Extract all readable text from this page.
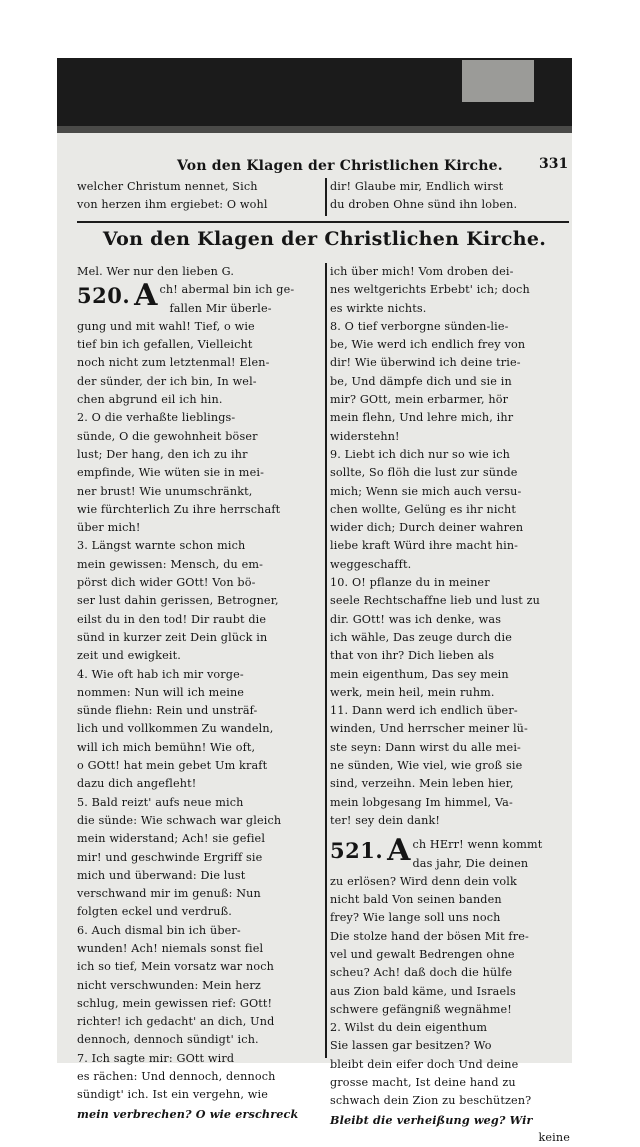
Von den Klagen der Christlichen Kirche.	331
welcher Christum nennet, Sich
von herzen ihm ergiebet: O wohl
dir! Glaube mir, Endlich wirst
du droben Ohne sünd ihn loben.
Von den Klagen der Christlichen Kirche.
Mel. Wer nur den lieben G.
520. A ch! abermal bin ich ge-
fallen Mir überle-
gung und mit wahl! Tief, o wie
tief bin ich gefallen, Vielleicht
noch nicht zum letztenmal! Elen-
der sünder, der ich bin, In wel-
chen abgrund eil ich hin.
2. O die verhaßte lieblings-
sünde, O die gewohnheit böser
lust; Der hang, den ich zu ihr
empfinde, Wie wüten sie in mei-
ner brust! Wie unumschränkt,
wie fürchterlich Zu ihre herrschaft
über mich!
3. Längst warnte schon mich
mein gewissen: Mensch, du em-
pörst dich wider GOtt! Von bö-
ser lust dahin gerissen, Betrogner,
eilst du in den tod! Dir raubt die
sünd in kurzer zeit Dein glück in
zeit und ewigkeit.
4. Wie oft hab ich mir vorge-
nommen: Nun will ich meine
sünde fliehn: Rein und unsträf-
lich und vollkommen Zu wandeln,
will ich mich bemühn! Wie oft,
o GOtt! hat mein gebet Um kraft
dazu dich angefleht!
5. Bald reizt' aufs neue mich
die sünde: Wie schwach war gleich
mein widerstand; Ach! sie gefiel
mir! und geschwinde Ergriff sie
mich und überwand: Die lust
verschwand mir im genuß: Nun
folgten eckel und verdruß.
6. Auch dismal bin ich über-
wunden! Ach! niemals sonst fiel
ich so tief, Mein vorsatz war noch
nicht verschwunden: Mein herz
schlug, mein gewissen rief: GOtt!
richter! ich gedacht' an dich, Und
dennoch, dennoch sündigt' ich.
7. Ich sagte mir: GOtt wird
es rächen: Und dennoch, dennoch
sündigt' ich. Ist ein vergehn, wie
mein verbrechen? O wie erschreck
ich über mich! Vom droben dei-
nes weltgerichts Erbebt' ich; doch
es wirkte nichts.
8. O tief verborgne sünden-lie-
be, Wie werd ich endlich frey von
dir! Wie überwind ich deine trie-
be, Und dämpfe dich und sie in
mir? GOtt, mein erbarmer, hör
mein flehn, Und lehre mich, ihr
widerstehn!
9. Liebt ich dich nur so wie ich
sollte, So flöh die lust zur sünde
mich; Wenn sie mich auch versu-
chen wollte, Gelüng es ihr nicht
wider dich; Durch deiner wahren
liebe kraft Würd ihre macht hin-
weggeschafft.
10. O! pflanze du in meiner
seele Rechtschaffne lieb und lust zu
dir. GOtt! was ich denke, was
ich wähle, Das zeuge durch die
that von ihr? Dich lieben als
mein eigenthum, Das sey mein
werk, mein heil, mein ruhm.
11. Dann werd ich endlich über-
winden, Und herrscher meiner lü-
ste seyn: Dann wirst du alle mei-
ne sünden, Wie viel, wie groß sie
sind, verzeihn. Mein leben hier,
mein lobgesang Im himmel, Va-
ter! sey dein dank!
521. A ch HErr! wenn kommt
das jahr, Die deinen
zu erlösen? Wird denn dein volk
nicht bald Von seinen banden
frey? Wie lange soll uns noch
Die stolze hand der bösen Mit fre-
vel und gewalt Bedrengen ohne
scheu? Ach! daß doch die hülfe
aus Zion bald käme, und Israels
schwere gefängniß wegnähme!
2. Wilst du dein eigenthum
Sie lassen gar besitzen? Wo
bleibt dein eifer doch Und deine
grosse macht, Ist deine hand zu
schwach dein Zion zu beschützen?
Bleibt die verheißung weg? Wir
keine
